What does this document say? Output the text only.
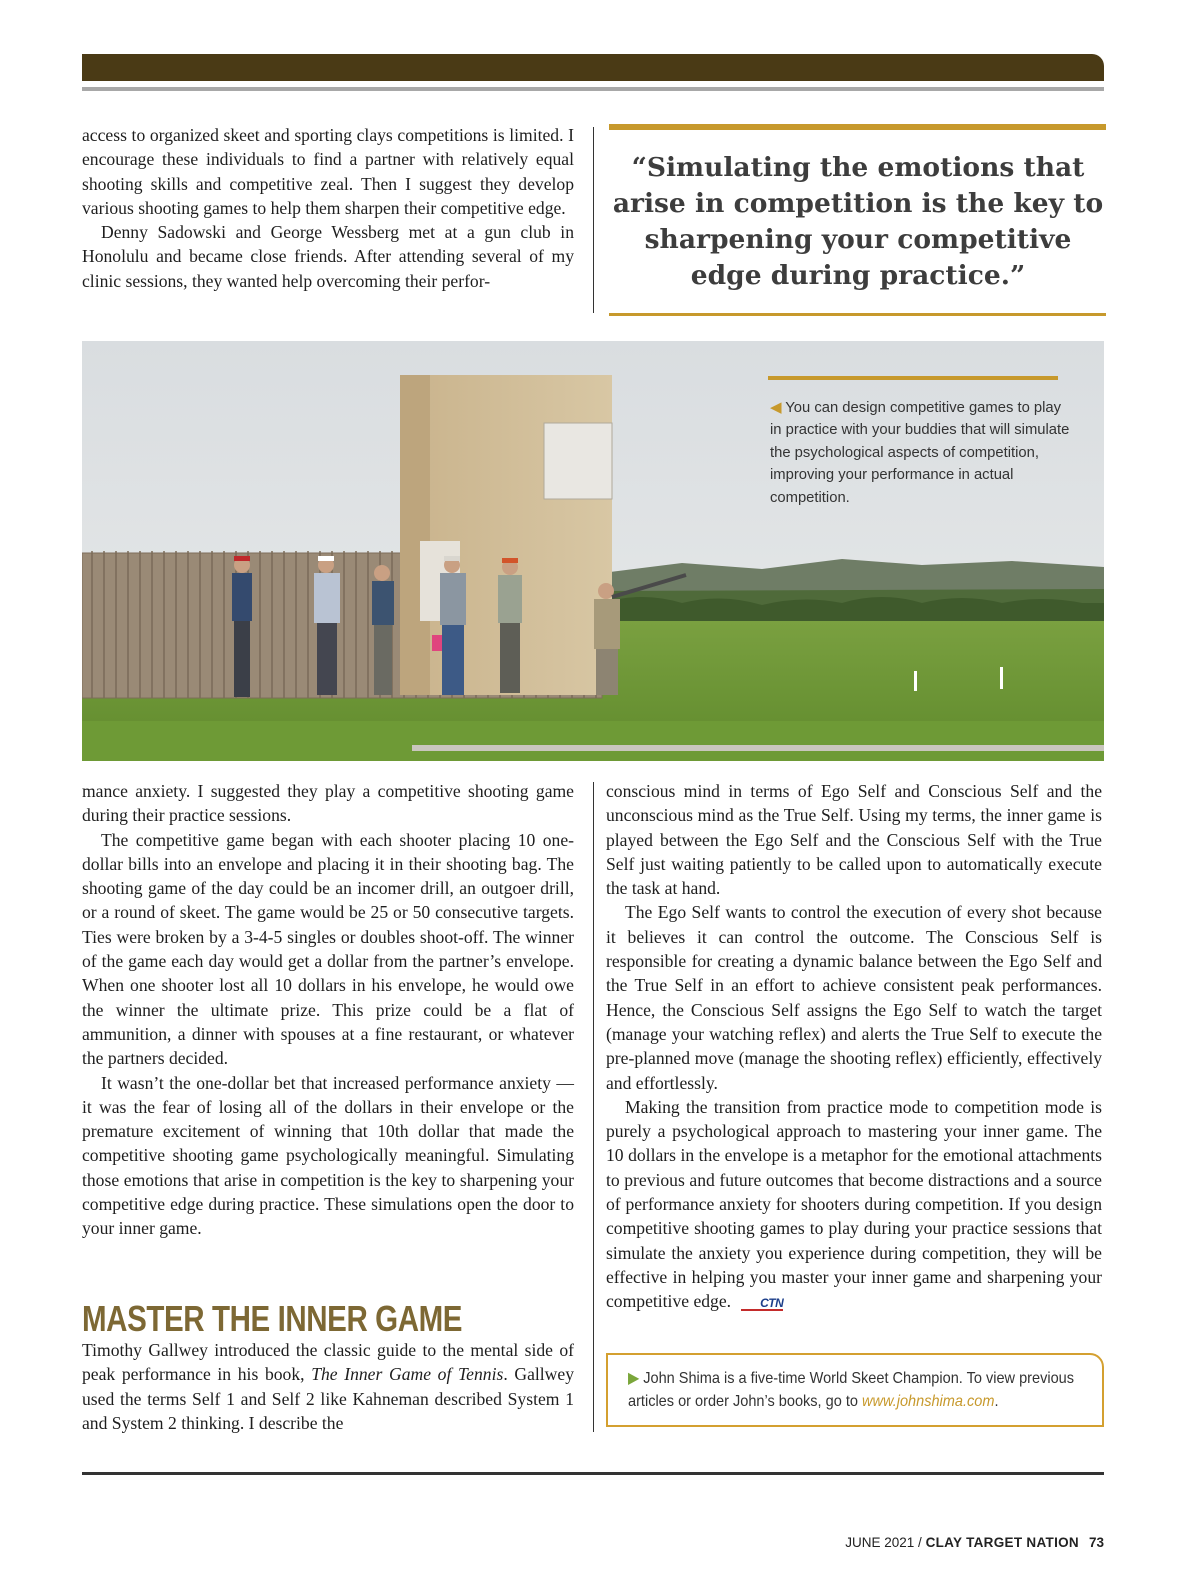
access to organized skeet and sporting clays competitions is limited. I encourage these individuals to find a partner with relatively equal shooting skills and competitive zeal. Then I suggest they develop various shooting games to help them sharpen their competitive edge.

Denny Sadowski and George Wessberg met at a gun club in Honolulu and became close friends. After attending several of my clinic sessions, they wanted help overcoming their perfor-

“Simulating the emotions that arise in competition is the key to sharpening your competitive edge during practice.”
◀ You can design competitive games to play in practice with your buddies that will simulate the psychological aspects of competition, improving your performance in actual competition.

mance anxiety. I suggested they play a competitive shooting game during their practice sessions.

The competitive game began with each shooter placing 10 one-dollar bills into an envelope and placing it in their shooting bag. The shooting game of the day could be an incomer drill, an outgoer drill, or a round of skeet. The game would be 25 or 50 consecutive targets. Ties were broken by a 3-4-5 singles or doubles shoot-off. The winner of the game each day would get a dollar from the partner’s envelope. When one shooter lost all 10 dollars in his envelope, he would owe the winner the ultimate prize. This prize could be a flat of ammunition, a dinner with spouses at a fine restaurant, or whatever the partners decided.

It wasn’t the one-dollar bet that increased performance anxiety — it was the fear of losing all of the dollars in their envelope or the premature excitement of winning that 10th dollar that made the competitive shooting game psychologically meaningful. Simulating those emotions that arise in competition is the key to sharpening your competitive edge during practice. These simulations open the door to your inner game.

MASTER THE INNER GAME

Timothy Gallwey introduced the classic guide to the mental side of peak performance in his book, The Inner Game of Tennis. Gallwey used the terms Self 1 and Self 2 like Kahneman described System 1 and System 2 thinking. I describe the

conscious mind in terms of Ego Self and Conscious Self and the unconscious mind as the True Self. Using my terms, the inner game is played between the Ego Self and the Conscious Self with the True Self just waiting patiently to be called upon to automatically execute the task at hand.

The Ego Self wants to control the execution of every shot because it believes it can control the outcome. The Conscious Self is responsible for creating a dynamic balance between the Ego Self and the True Self in an effort to achieve consistent peak performances. Hence, the Conscious Self assigns the Ego Self to watch the target (manage your watching reflex) and alerts the True Self to execute the pre-planned move (manage the shooting reflex) efficiently, effectively and effortlessly.

Making the transition from practice mode to competition mode is purely a psychological approach to mastering your inner game. The 10 dollars in the envelope is a metaphor for the emotional attachments to previous and future outcomes that become distractions and a source of performance anxiety for shooters during competition. If you design competitive shooting games to play during your practice sessions that simulate the anxiety you experience during competition, they will be effective in helping you master your inner game and sharpening your competitive edge. CTN

▶ John Shima is a five-time World Skeet Champion. To view previous articles or order John’s books, go to www.johnshima.com.
JUNE 2021 / CLAY TARGET NATION 73
